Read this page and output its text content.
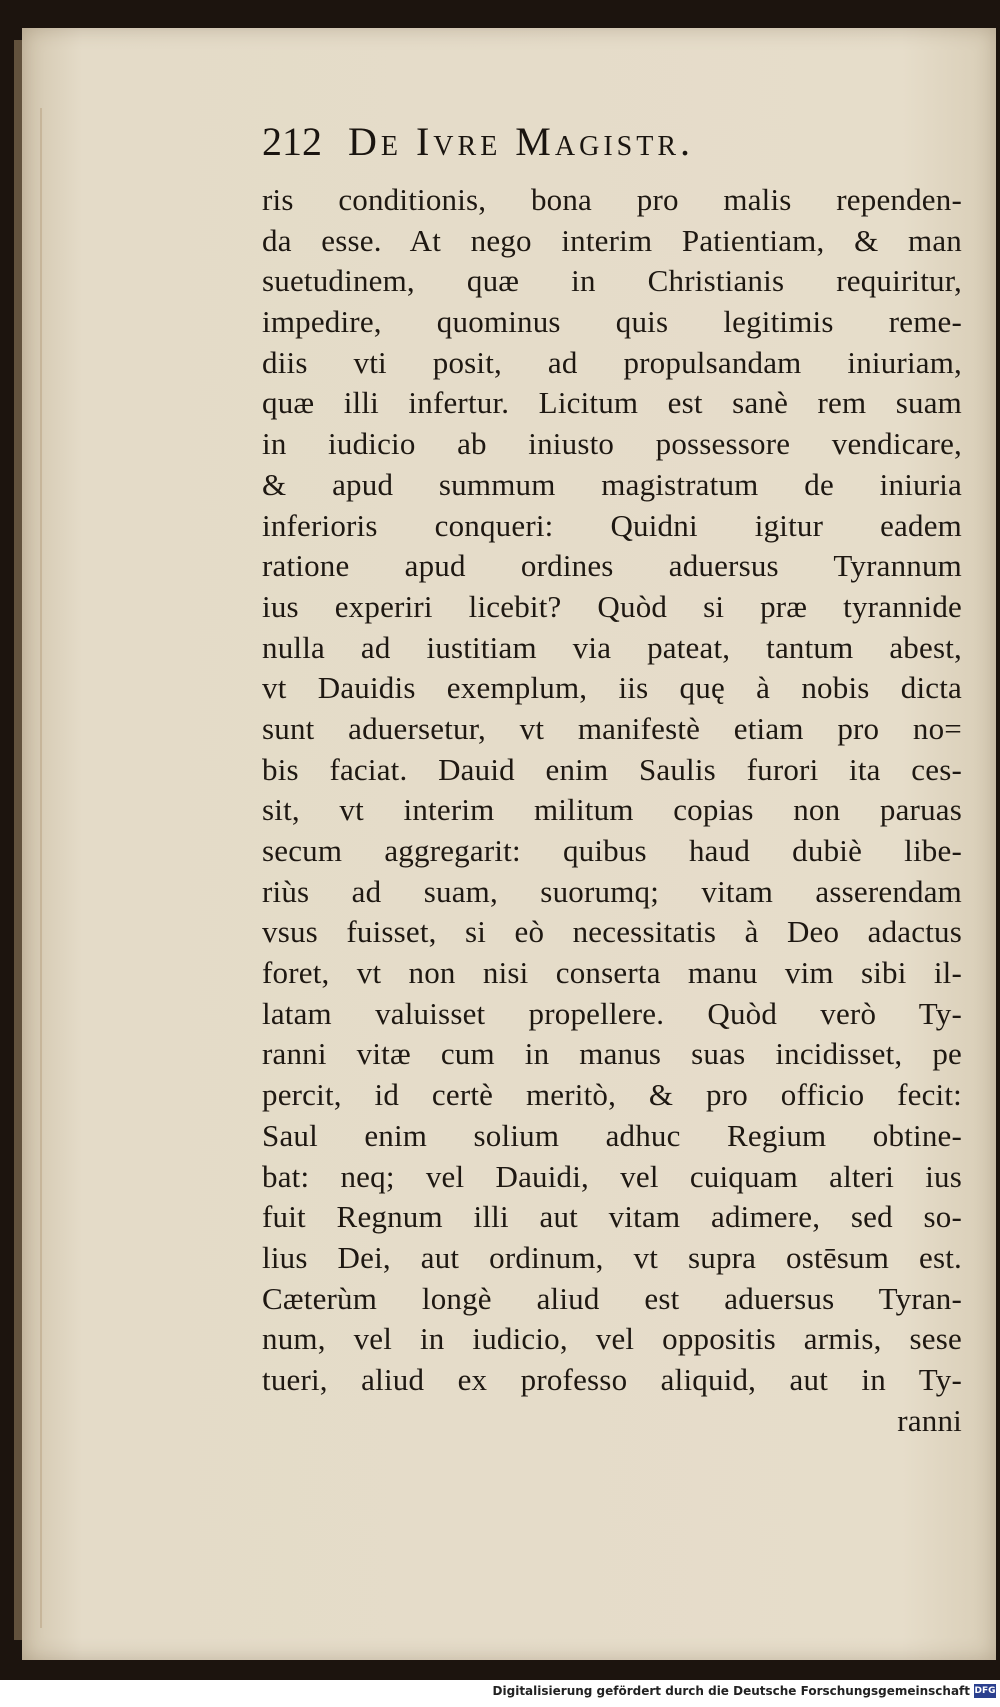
212 De Ivre Magistr.
ris conditionis, bona pro malis rependen-
da esse. At nego interim Patientiam, & man
suetudinem, quæ in Christianis requiritur,
impedire, quominus quis legitimis reme-
diis vti posit, ad propulsandam iniuriam,
quæ illi infertur. Licitum est sanè rem suam
in iudicio ab iniusto possessore vendicare,
& apud summum magistratum de iniuria
inferioris conqueri: Quidni igitur eadem
ratione apud ordines aduersus Tyrannum
ius experiri licebit? Quòd si præ tyrannide
nulla ad iustitiam via pateat, tantum abest,
vt Dauidis exemplum, iis quę à nobis dicta
sunt aduersetur, vt manifestè etiam pro no=
bis faciat. Dauid enim Saulis furori ita ces-
sit, vt interim militum copias non paruas
secum aggregarit: quibus haud dubiè libe-
riùs ad suam, suorumq; vitam asserendam
vsus fuisset, si eò necessitatis à Deo adactus
foret, vt non nisi conserta manu vim sibi il-
latam valuisset propellere. Quòd verò Ty-
ranni vitæ cum in manus suas incidisset, pe
percit, id certè meritò, & pro officio fecit:
Saul enim solium adhuc Regium obtine-
bat: neq; vel Dauidi, vel cuiquam alteri ius
fuit Regnum illi aut vitam adimere, sed so-
lius Dei, aut ordinum, vt supra ostēsum est.
Cæterùm longè aliud est aduersus Tyran-
num, vel in iudicio, vel oppositis armis, sese
tueri, aliud ex professo aliquid, aut in Ty-
ranni
Digitalisierung gefördert durch die Deutsche Forschungsgemeinschaft DFG
